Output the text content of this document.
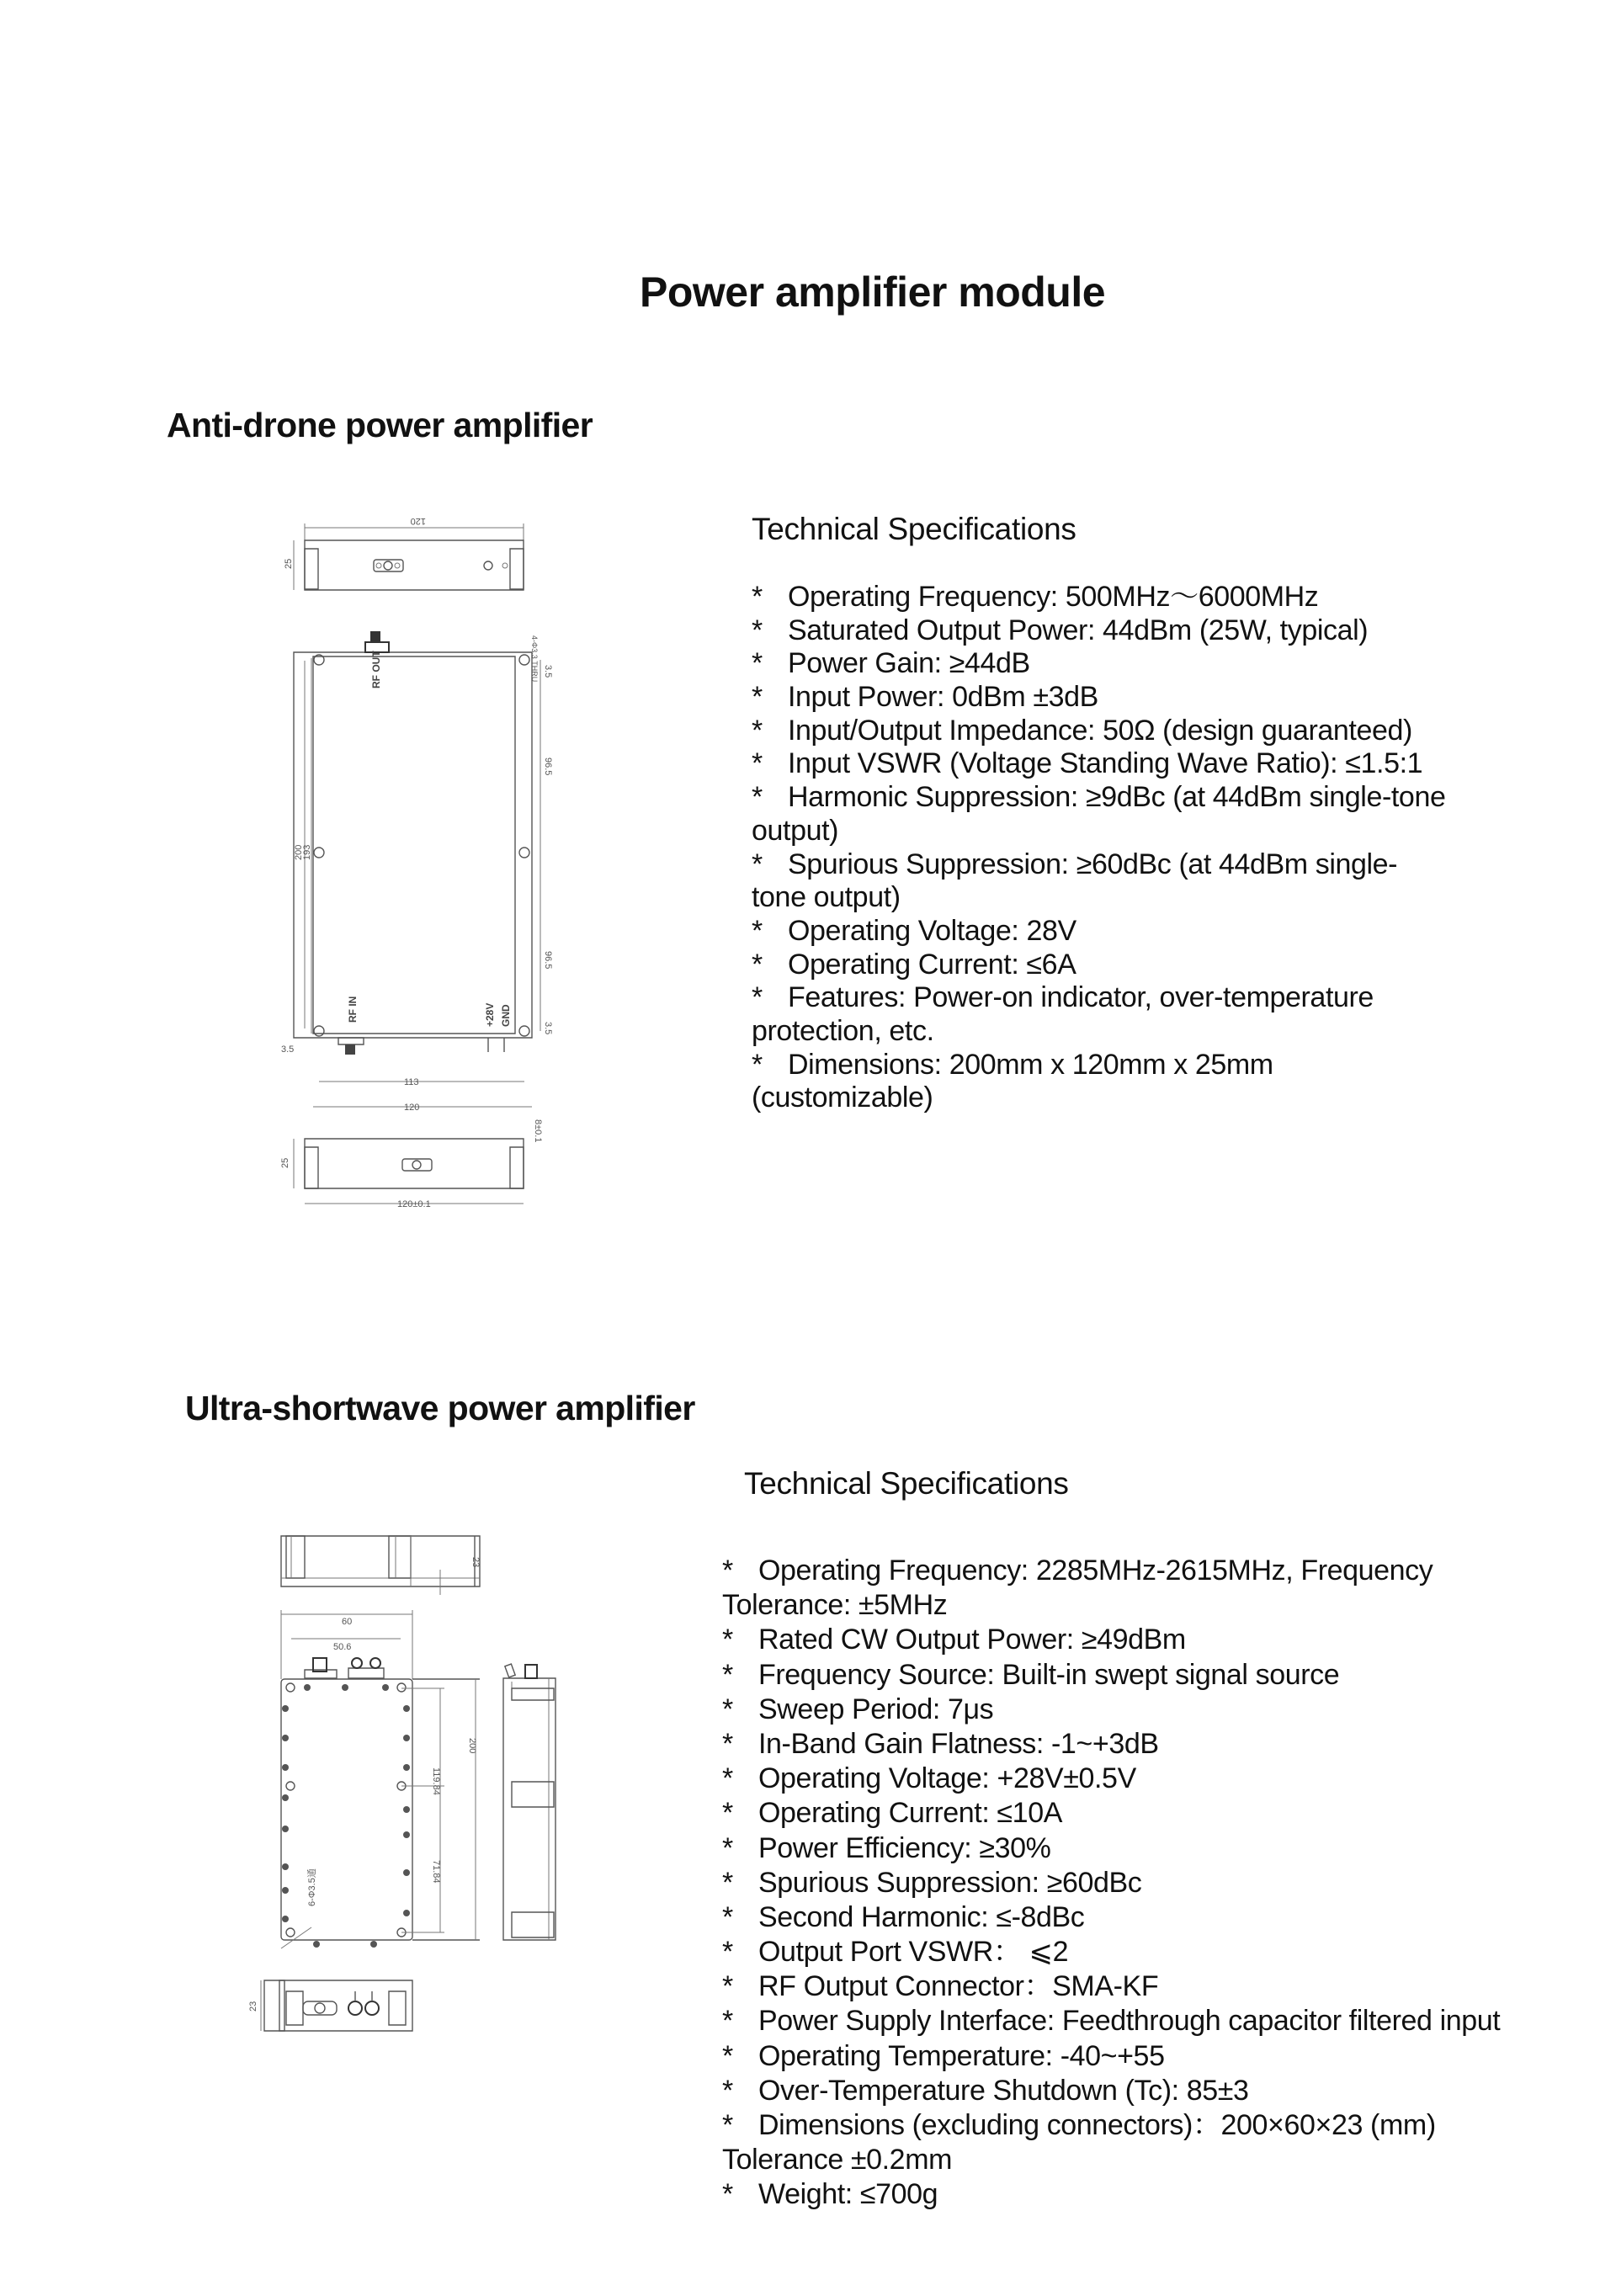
Power amplifier module
Anti-drone power amplifier
120
25
RF OUT
200
193
96.5
96.5
3.5
3.5
4-Φ3.3 THRU
RF IN	+28V GND
113
120
3.5
25
120±0.1
8±0.1
Technical Specifications
* Operating Frequency: 500MHz～6000MHz
* Saturated Output Power: 44dBm (25W, typical)
* Power Gain: ≥44dB
* Input Power: 0dBm ±3dB
* Input/Output Impedance: 50Ω (design guaranteed)
* Input VSWR (Voltage Standing Wave Ratio): ≤1.5:1
* Harmonic Suppression: ≥9dBc (at 44dBm single-tone
output)
* Spurious Suppression: ≥60dBc (at 44dBm single-
tone output)
* Operating Voltage: 28V
* Operating Current: ≤6A
* Features: Power-on indicator, over-temperature
protection, etc.
* Dimensions: 200mm x 120mm x 25mm
(customizable)
Ultra-shortwave power amplifier
Technical Specifications
23
60
50.6
119.84
200
71.84
6-Φ3.5通
23
* Operating Frequency: 2285MHz-2615MHz, Frequency
Tolerance: ±5MHz
* Rated CW Output Power: ≥49dBm
* Frequency Source: Built-in swept signal source
* Sweep Period: 7μs
* In-Band Gain Flatness: -1~+3dB
* Operating Voltage: +28V±0.5V
* Operating Current: ≤10A
* Power Efficiency: ≥30%
* Spurious Suppression: ≥60dBc
* Second Harmonic: ≤-8dBc
* Output Port VSWR： ⩽2
* RF Output Connector：SMA-KF
* Power Supply Interface: Feedthrough capacitor filtered input
* Operating Temperature: -40~+55
* Over-Temperature Shutdown (Tc): 85±3
* Dimensions (excluding connectors)：200×60×23 (mm)
Tolerance ±0.2mm
* Weight: ≤700g
